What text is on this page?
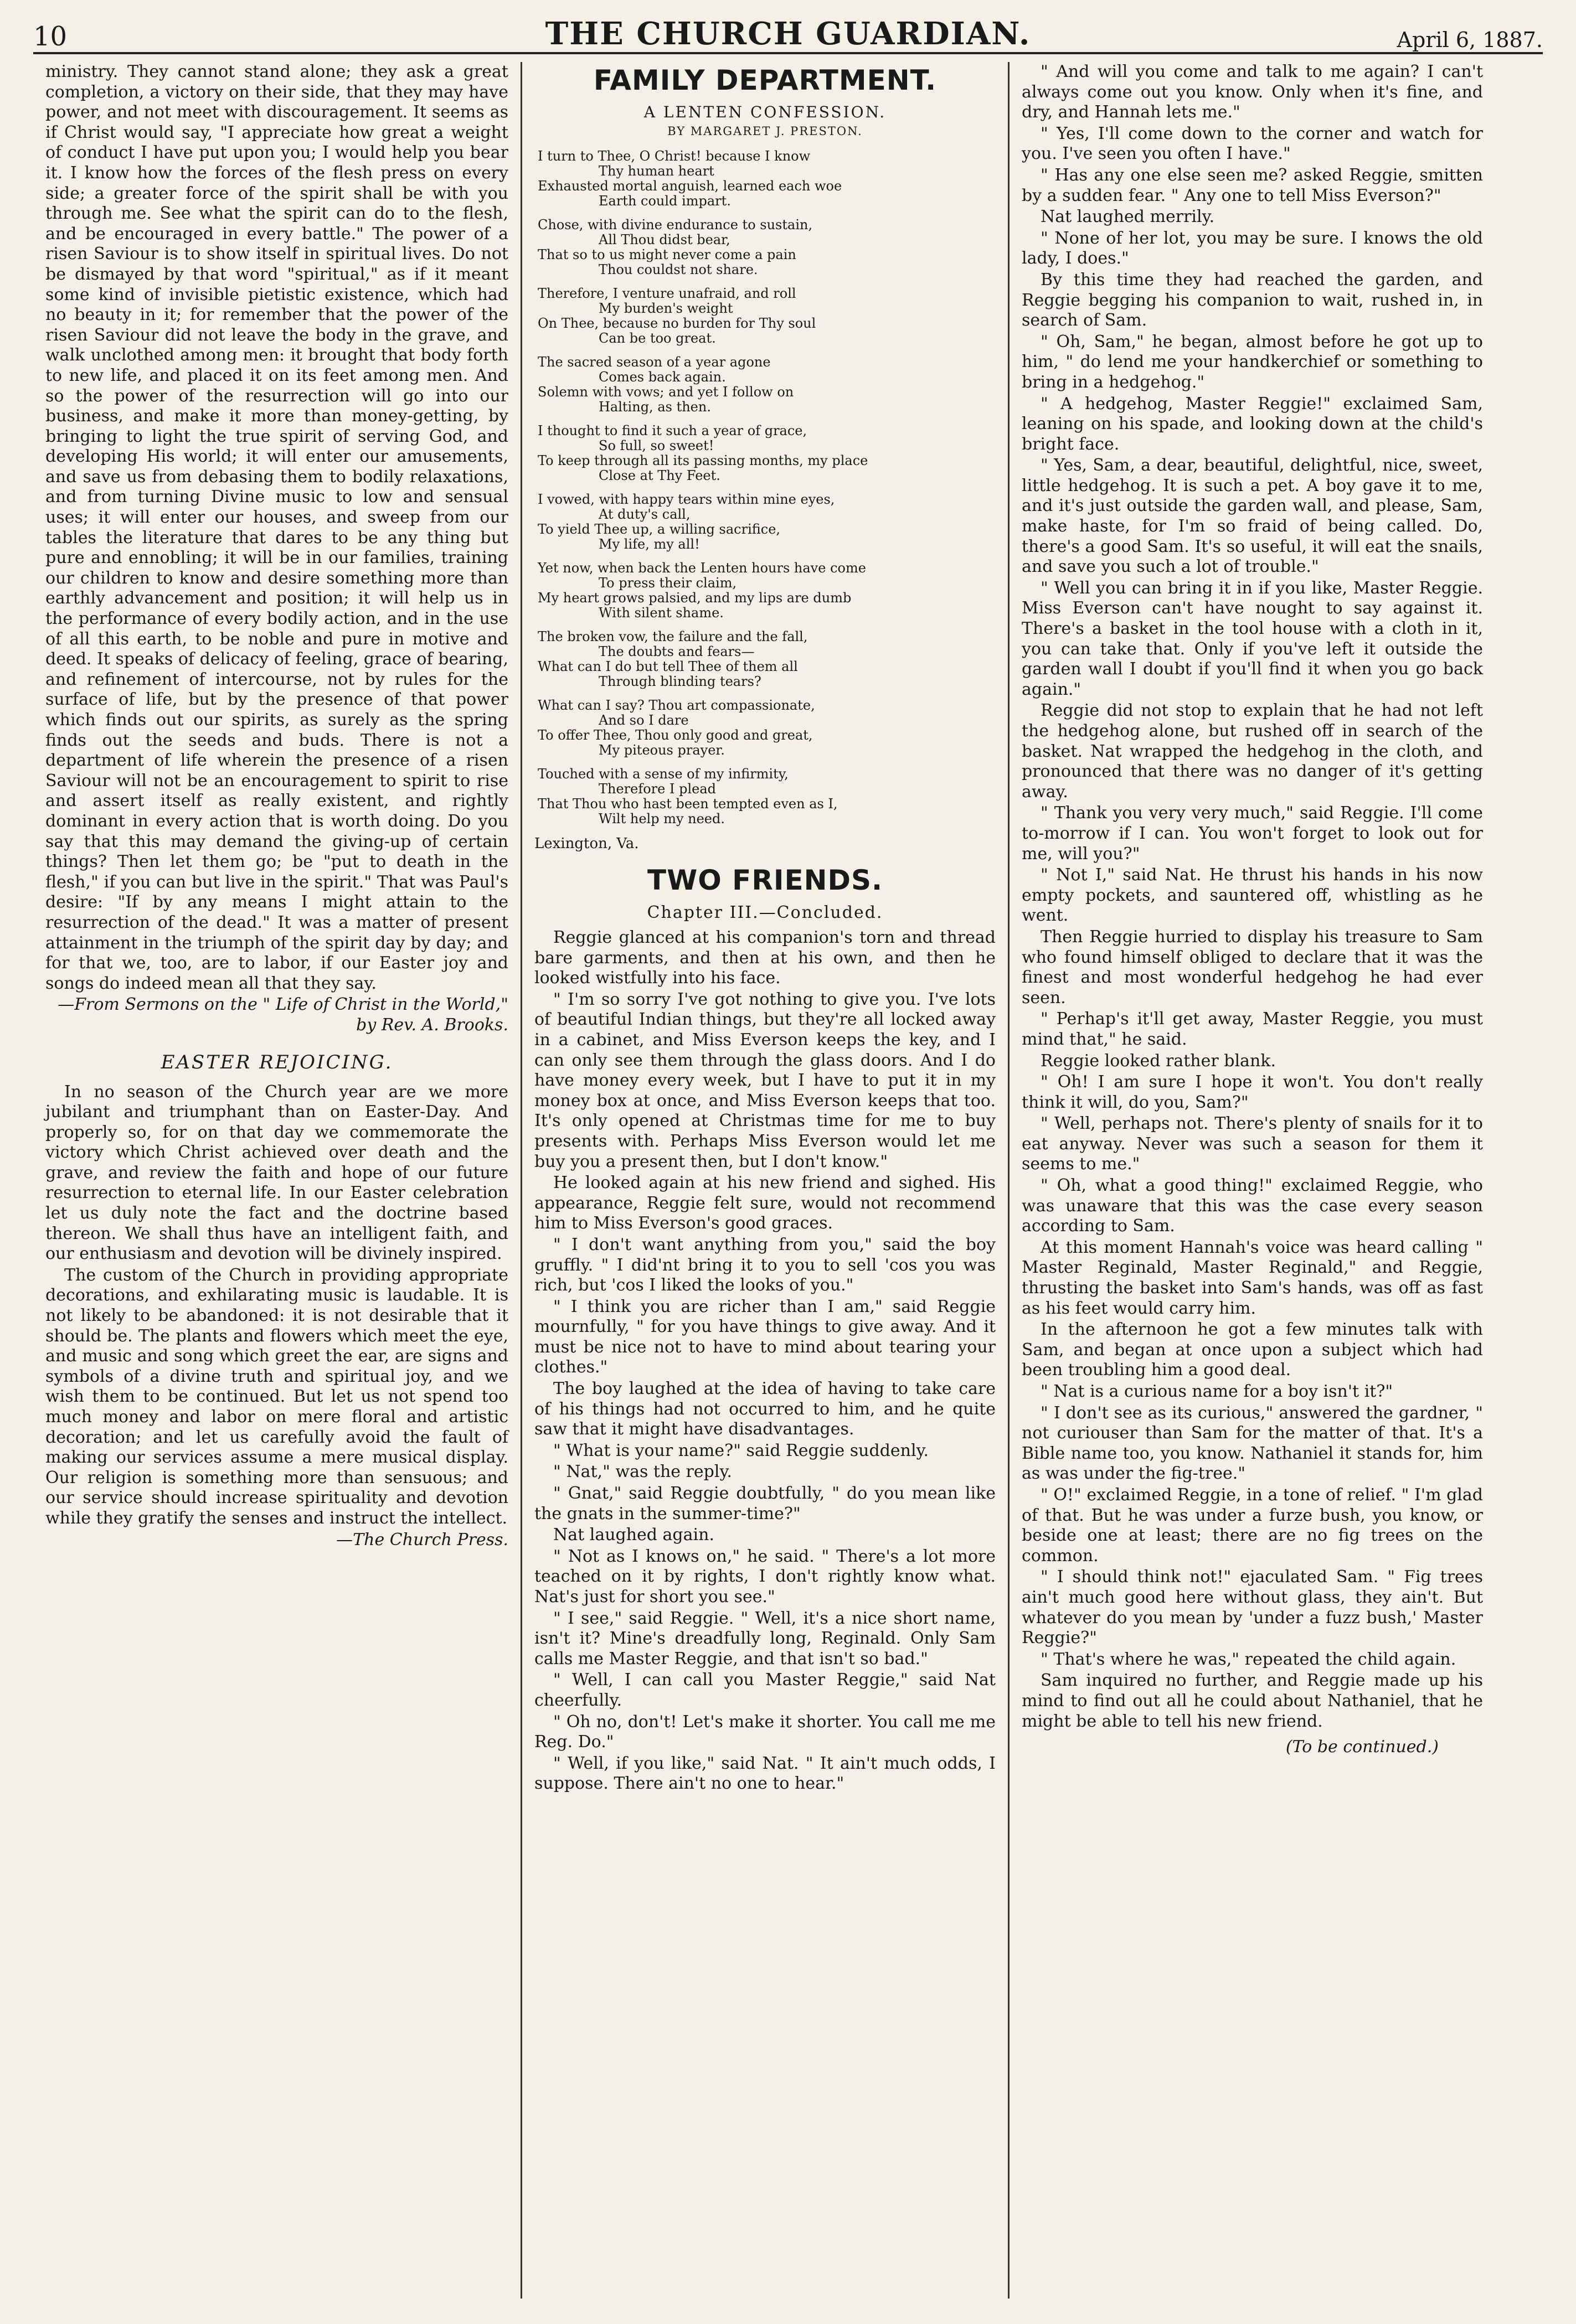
10	THE CHURCH GUARDIAN.	April 6, 1887.

ministry. They cannot stand alone; they ask a great completion, a victory on their side, that they may have power, and not meet with discouragement. It seems as if Christ would say, "I appreciate how great a weight of conduct I have put upon you; I would help you bear it. I know how the forces of the flesh press on every side; a greater force of the spirit shall be with you through me. See what the spirit can do to the flesh, and be encouraged in every battle." The power of a risen Saviour is to show itself in spiritual lives. Do not be dismayed by that word "spiritual," as if it meant some kind of invisible pietistic existence, which had no beauty in it; for remember that the power of the risen Saviour did not leave the body in the grave, and walk unclothed among men: it brought that body forth to new life, and placed it on its feet among men. And so the power of the resurrection will go into our business, and make it more than money-getting, by bringing to light the true spirit of serving God, and developing His world; it will enter our amusements, and save us from debasing them to bodily relaxations, and from turning Divine music to low and sensual uses; it will enter our houses, and sweep from our tables the literature that dares to be any thing but pure and ennobling; it will be in our families, training our children to know and desire something more than earthly advancement and position; it will help us in the performance of every bodily action, and in the use of all this earth, to be noble and pure in motive and deed. It speaks of delicacy of feeling, grace of bearing, and refinement of intercourse, not by rules for the surface of life, but by the presence of that power which finds out our spirits, as surely as the spring finds out the seeds and buds. There is not a department of life wherein the presence of a risen Saviour will not be an encouragement to spirit to rise and assert itself as really existent, and rightly dominant in every action that is worth doing. Do you say that this may demand the giving-up of certain things? Then let them go; be "put to death in the flesh," if you can but live in the spirit." That was Paul's desire: "If by any means I might attain to the resurrection of the dead." It was a matter of present attainment in the triumph of the spirit day by day; and for that we, too, are to labor, if our Easter joy and songs do indeed mean all that they say.

—From Sermons on the " Life of Christ in the World," by Rev. A. Brooks.

EASTER REJOICING.

In no season of the Church year are we more jubilant and triumphant than on Easter-Day. And properly so, for on that day we commemorate the victory which Christ achieved over death and the grave, and review the faith and hope of our future resurrection to eternal life. In our Easter celebration let us duly note the fact and the doctrine based thereon. We shall thus have an intelligent faith, and our enthusiasm and devotion will be divinely inspired.

The custom of the Church in providing appropriate decorations, and exhilarating music is laudable. It is not likely to be abandoned: it is not desirable that it should be. The plants and flowers which meet the eye, and music and song which greet the ear, are signs and symbols of a divine truth and spiritual joy, and we wish them to be continued. But let us not spend too much money and labor on mere floral and artistic decoration; and let us carefully avoid the fault of making our services assume a mere musical display. Our religion is something more than sensuous; and our service should increase spirituality and devotion while they gratify the senses and instruct the intellect.

—The Church Press.

FAMILY DEPARTMENT.
A LENTEN CONFESSION.
BY MARGARET J. PRESTON.
I turn to Thee, O Christ! because I know
Thy human heart
Exhausted mortal anguish, learned each woe
Earth could impart.
Chose, with divine endurance to sustain,
All Thou didst bear,
That so to us might never come a pain
Thou couldst not share.
Therefore, I venture unafraid, and roll
My burden's weight
On Thee, because no burden for Thy soul
Can be too great.
The sacred season of a year agone
Comes back again.
Solemn with vows; and yet I follow on
Halting, as then.
I thought to find it such a year of grace,
So full, so sweet!
To keep through all its passing months, my place
Close at Thy Feet.
I vowed, with happy tears within mine eyes,
At duty's call,
To yield Thee up, a willing sacrifice,
My life, my all!
Yet now, when back the Lenten hours have come
To press their claim,
My heart grows palsied, and my lips are dumb
With silent shame.
The broken vow, the failure and the fall,
The doubts and fears—
What can I do but tell Thee of them all
Through blinding tears?
What can I say? Thou art compassionate,
And so I dare
To offer Thee, Thou only good and great,
My piteous prayer.
Touched with a sense of my infirmity,
Therefore I plead
That Thou who hast been tempted even as I,
Wilt help my need.
Lexington, Va.
TWO FRIENDS.
Chapter III.—Concluded.

Reggie glanced at his companion's torn and thread bare garments, and then at his own, and then he looked wistfully into his face.

" I'm so sorry I've got nothing to give you. I've lots of beautiful Indian things, but they're all locked away in a cabinet, and Miss Everson keeps the key, and I can only see them through the glass doors. And I do have money every week, but I have to put it in my money box at once, and Miss Everson keeps that too. It's only opened at Christmas time for me to buy presents with. Perhaps Miss Everson would let me buy you a present then, but I don't know."

He looked again at his new friend and sighed. His appearance, Reggie felt sure, would not recommend him to Miss Everson's good graces.

" I don't want anything from you," said the boy gruffly. " I did'nt bring it to you to sell 'cos you was rich, but 'cos I liked the looks of you."

" I think you are richer than I am," said Reggie mournfully, " for you have things to give away. And it must be nice not to have to mind about tearing your clothes."

The boy laughed at the idea of having to take care of his things had not occurred to him, and he quite saw that it might have disadvantages.

" What is your name?" said Reggie suddenly.

" Nat," was the reply.

" Gnat," said Reggie doubtfully, " do you mean like the gnats in the summer-time?"

Nat laughed again.

" Not as I knows on," he said. " There's a lot more teached on it by rights, I don't rightly know what. Nat's just for short you see."

" I see," said Reggie. " Well, it's a nice short name, isn't it? Mine's dreadfully long, Reginald. Only Sam calls me Master Reggie, and that isn't so bad."

" Well, I can call you Master Reggie," said Nat cheerfully.

" Oh no, don't! Let's make it shorter. You call me me Reg. Do."

" Well, if you like," said Nat. " It ain't much odds, I suppose. There ain't no one to hear."

" And will you come and talk to me again? I can't always come out you know. Only when it's fine, and dry, and Hannah lets me."

" Yes, I'll come down to the corner and watch for you. I've seen you often I have."

" Has any one else seen me? asked Reggie, smitten by a sudden fear. " Any one to tell Miss Everson?"

Nat laughed merrily.

" None of her lot, you may be sure. I knows the old lady, I does."

By this time they had reached the garden, and Reggie begging his companion to wait, rushed in, in search of Sam.

" Oh, Sam," he began, almost before he got up to him, " do lend me your handkerchief or something to bring in a hedgehog."

" A hedgehog, Master Reggie!" exclaimed Sam, leaning on his spade, and looking down at the child's bright face.

" Yes, Sam, a dear, beautiful, delightful, nice, sweet, little hedgehog. It is such a pet. A boy gave it to me, and it's just outside the garden wall, and please, Sam, make haste, for I'm so fraid of being called. Do, there's a good Sam. It's so useful, it will eat the snails, and save you such a lot of trouble."

" Well you can bring it in if you like, Master Reggie. Miss Everson can't have nought to say against it. There's a basket in the tool house with a cloth in it, you can take that. Only if you've left it outside the garden wall I doubt if you'll find it when you go back again."

Reggie did not stop to explain that he had not left the hedgehog alone, but rushed off in search of the basket. Nat wrapped the hedgehog in the cloth, and pronounced that there was no danger of it's getting away.

" Thank you very very much," said Reggie. I'll come to-morrow if I can. You won't forget to look out for me, will you?"

" Not I," said Nat. He thrust his hands in his now empty pockets, and sauntered off, whistling as he went.

Then Reggie hurried to display his treasure to Sam who found himself obliged to declare that it was the finest and most wonderful hedgehog he had ever seen.

" Perhap's it'll get away, Master Reggie, you must mind that," he said.

Reggie looked rather blank.

" Oh! I am sure I hope it won't. You don't really think it will, do you, Sam?"

" Well, perhaps not. There's plenty of snails for it to eat anyway. Never was such a season for them it seems to me."

" Oh, what a good thing!" exclaimed Reggie, who was unaware that this was the case every season according to Sam.

At this moment Hannah's voice was heard calling " Master Reginald, Master Reginald," and Reggie, thrusting the basket into Sam's hands, was off as fast as his feet would carry him.

In the afternoon he got a few minutes talk with Sam, and began at once upon a subject which had been troubling him a good deal.

" Nat is a curious name for a boy isn't it?"

" I don't see as its curious," answered the gardner, " not curiouser than Sam for the matter of that. It's a Bible name too, you know. Nathaniel it stands for, him as was under the fig-tree."

" O!" exclaimed Reggie, in a tone of relief. " I'm glad of that. But he was under a furze bush, you know, or beside one at least; there are no fig trees on the common.

" I should think not!" ejaculated Sam. " Fig trees ain't much good here without glass, they ain't. But whatever do you mean by 'under a fuzz bush,' Master Reggie?"

" That's where he was," repeated the child again.

Sam inquired no further, and Reggie made up his mind to find out all he could about Nathaniel, that he might be able to tell his new friend.

(To be continued.)
